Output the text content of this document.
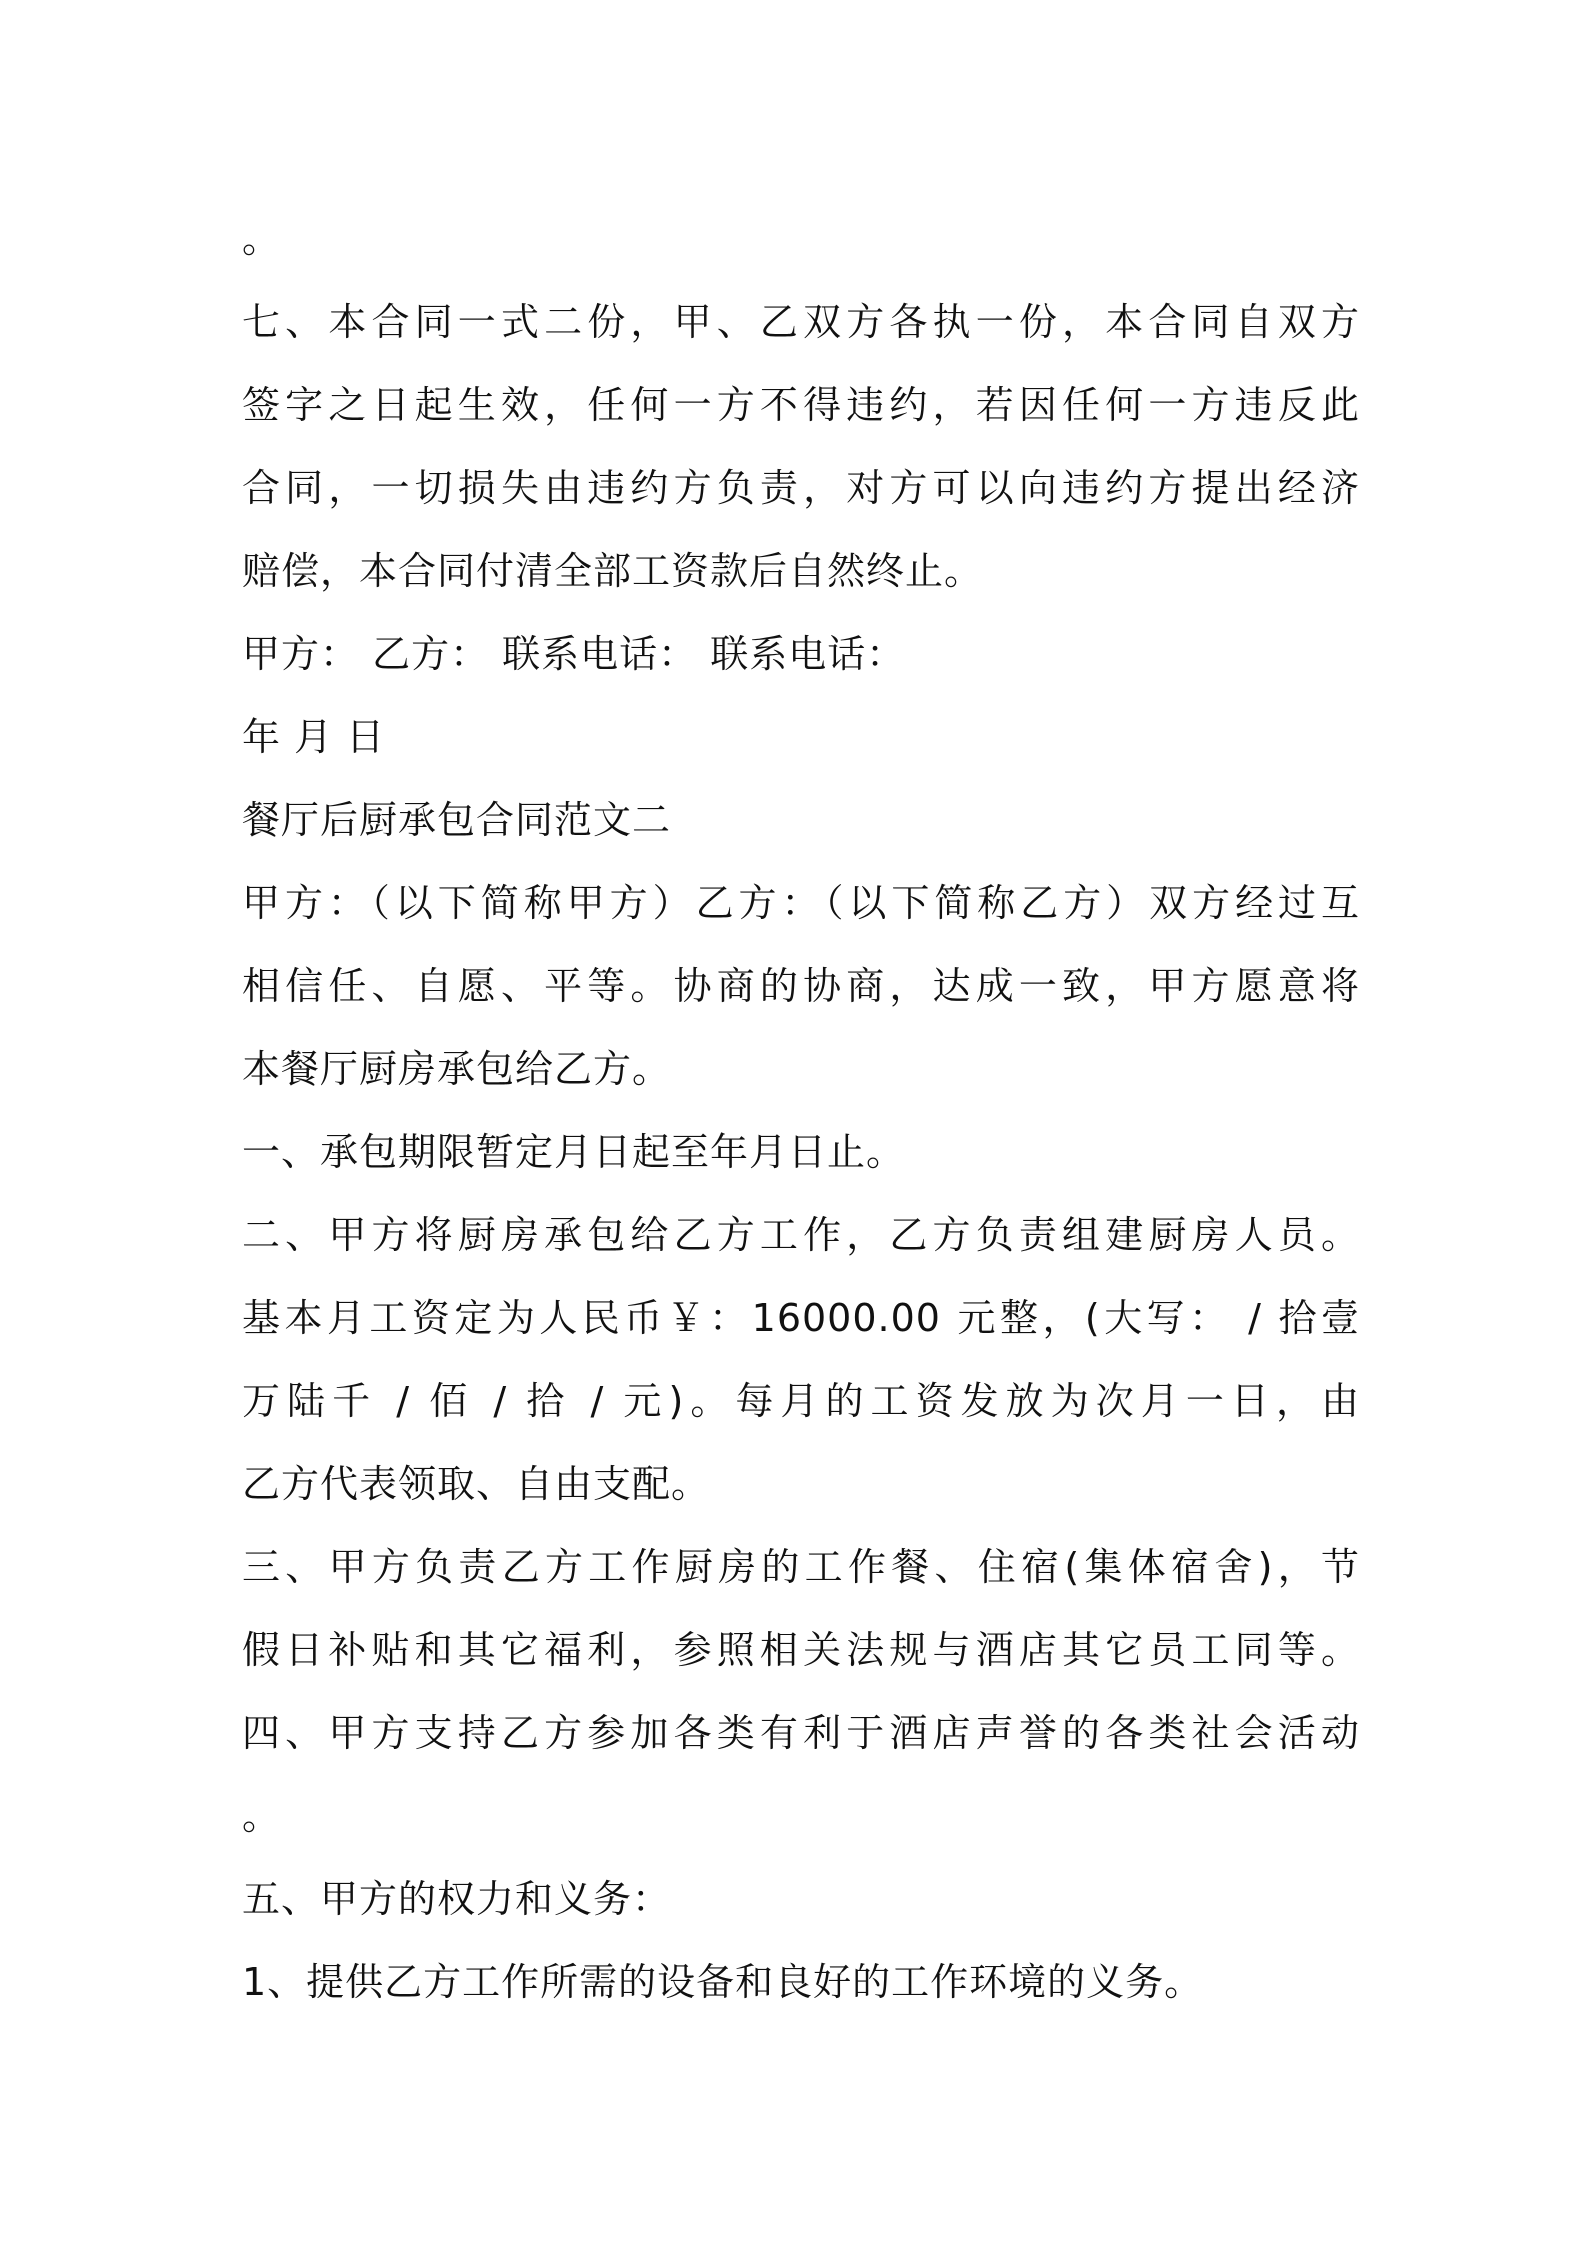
。
七、本合同一式二份，甲、乙双方各执一份，本合同自双方
签字之日起生效，任何一方不得违约，若因任何一方违反此
合同，一切损失由违约方负责，对方可以向违约方提出经济
赔偿，本合同付清全部工资款后自然终止。
甲方： 乙方： 联系电话： 联系电话：
年 月 日
餐厅后厨承包合同范文二
甲方：（以下简称甲方）乙方：（以下简称乙方）双方经过互
相信任、自愿、平等。协商的协商，达成一致，甲方愿意将
本餐厅厨房承包给乙方。
一、承包期限暂定月日起至年月日止。
二、甲方将厨房承包给乙方工作，乙方负责组建厨房人员。
基本月工资定为人民币￥：16000.00 元整，(大写： / 拾壹
万陆千 / 佰 / 拾 / 元)。每月的工资发放为次月一日，由
乙方代表领取、自由支配。
三、甲方负责乙方工作厨房的工作餐、住宿(集体宿舍)，节
假日补贴和其它福利，参照相关法规与酒店其它员工同等。
四、甲方支持乙方参加各类有利于酒店声誉的各类社会活动
。
五、甲方的权力和义务：
1、提供乙方工作所需的设备和良好的工作环境的义务。
